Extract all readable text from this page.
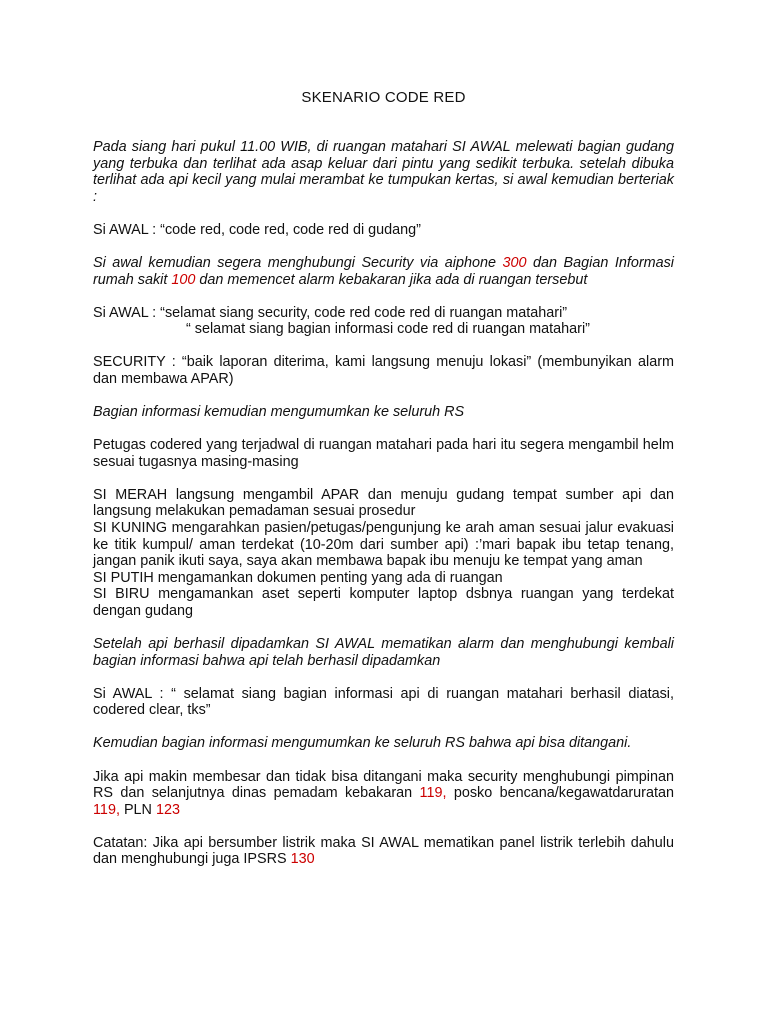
SKENARIO CODE RED

Pada siang hari pukul 11.00 WIB, di ruangan matahari SI AWAL melewati bagian gudang yang terbuka dan terlihat ada asap keluar dari pintu yang sedikit terbuka. setelah dibuka terlihat ada api kecil yang mulai merambat ke tumpukan kertas, si awal kemudian berteriak :

Si AWAL : “code red, code red, code red di gudang”

Si awal kemudian segera menghubungi Security via aiphone 300 dan Bagian Informasi rumah sakit 100 dan memencet alarm kebakaran jika ada di ruangan tersebut

Si AWAL : “selamat siang security, code red code red di ruangan matahari”

“ selamat siang bagian informasi code red di ruangan matahari”

SECURITY : “baik laporan diterima, kami langsung menuju lokasi” (membunyikan alarm dan membawa APAR)

Bagian informasi kemudian mengumumkan ke seluruh RS

Petugas codered yang terjadwal di ruangan matahari pada hari itu segera mengambil helm sesuai tugasnya masing-masing

SI MERAH langsung mengambil APAR dan menuju gudang tempat sumber api dan langsung melakukan pemadaman sesuai prosedur

SI KUNING mengarahkan pasien/petugas/pengunjung ke arah aman sesuai jalur evakuasi ke titik kumpul/ aman terdekat (10-20m dari sumber api) :’mari bapak ibu tetap tenang, jangan panik ikuti saya, saya akan membawa bapak ibu menuju ke tempat yang aman

SI PUTIH mengamankan dokumen penting yang ada di ruangan

SI BIRU mengamankan aset seperti komputer laptop dsbnya ruangan yang terdekat dengan gudang

Setelah api berhasil dipadamkan SI AWAL mematikan alarm dan menghubungi kembali bagian informasi bahwa api telah berhasil dipadamkan

Si AWAL : “ selamat siang bagian informasi api di ruangan matahari berhasil diatasi, codered clear, tks”

Kemudian bagian informasi mengumumkan ke seluruh RS bahwa api bisa ditangani.

Jika api makin membesar dan tidak bisa ditangani maka security menghubungi pimpinan RS dan selanjutnya dinas pemadam kebakaran 119, posko bencana/kegawatdaruratan 119, PLN 123

Catatan: Jika api bersumber listrik maka SI AWAL mematikan panel listrik terlebih dahulu dan menghubungi juga IPSRS 130
